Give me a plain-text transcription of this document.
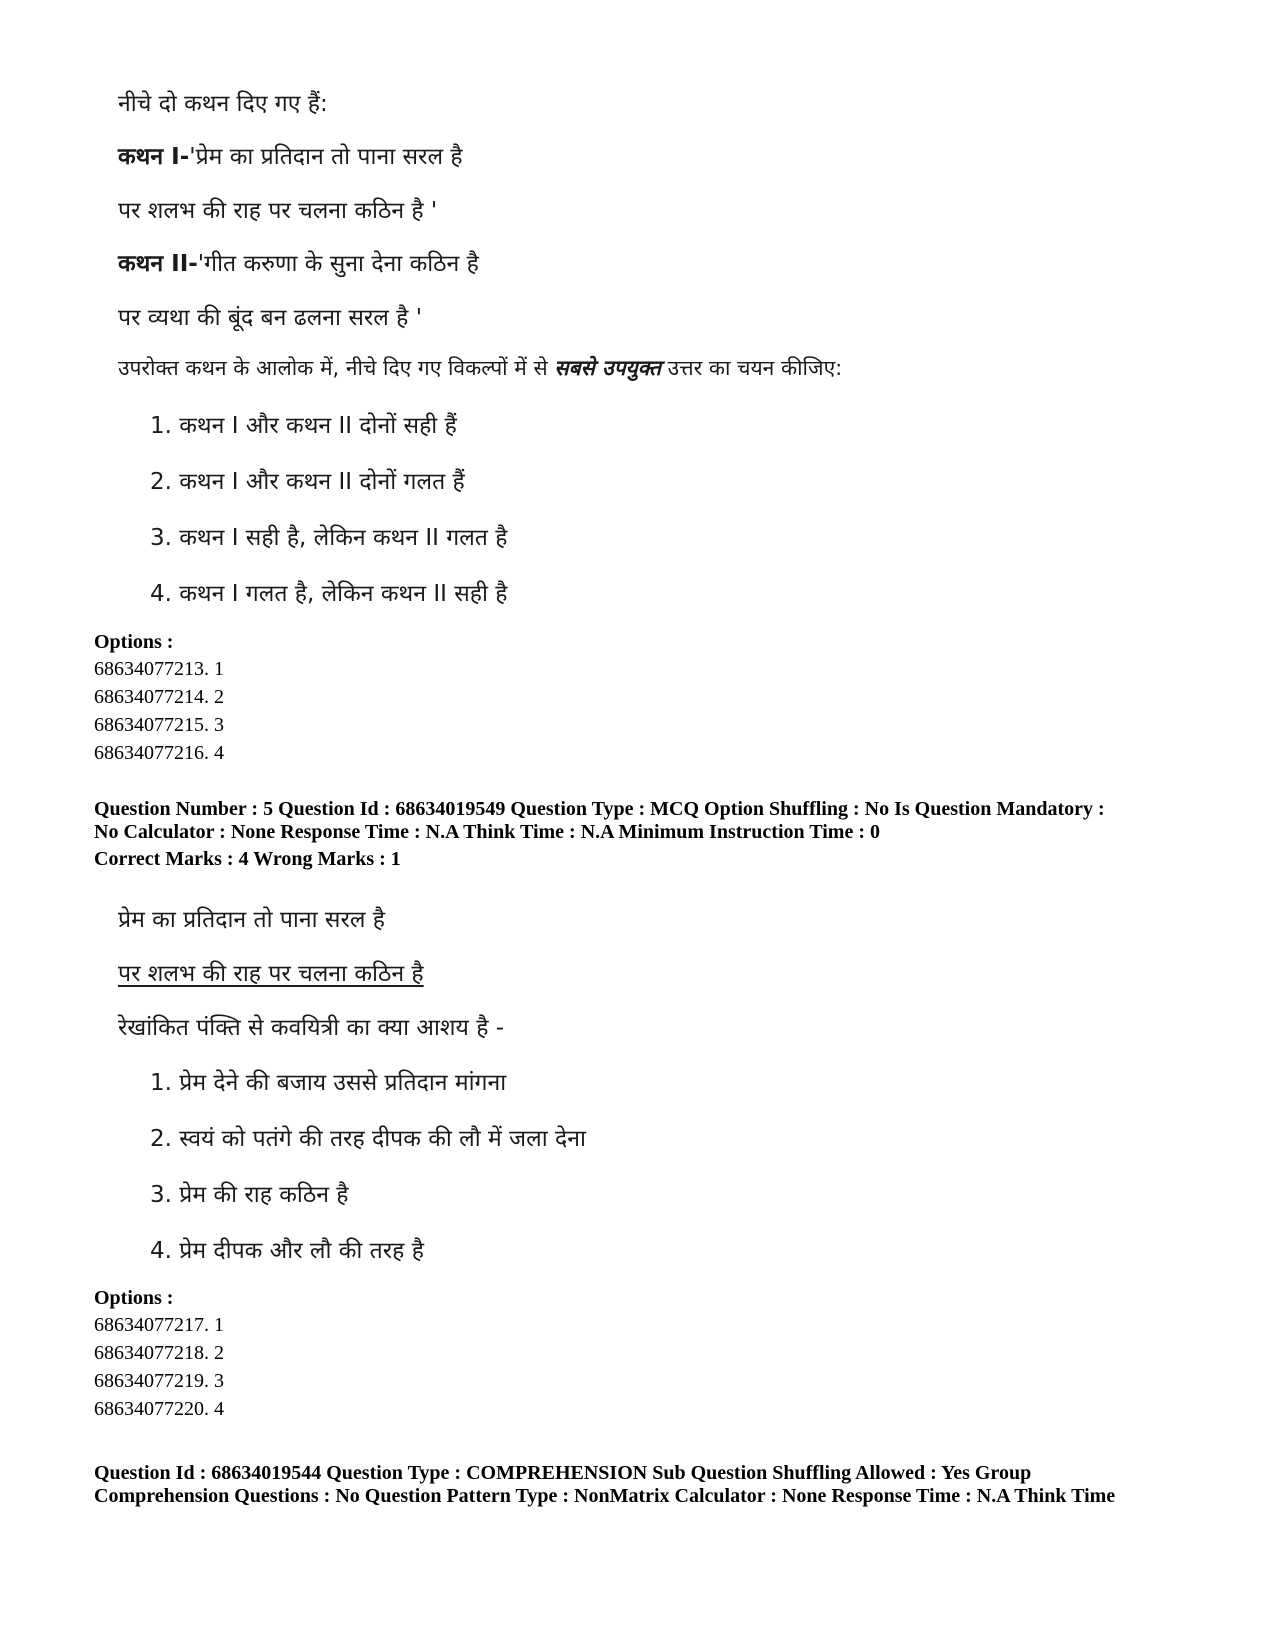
नीचे दो कथन दिए गए हैं:
कथन I-'प्रेम का प्रतिदान तो पाना सरल है
पर शलभ की राह पर चलना कठिन है '
कथन II-'गीत करुणा के सुना देना कठिन है
पर व्यथा की बूंद बन ढलना सरल है '
उपरोक्त कथन के आलोक में, नीचे दिए गए विकल्पों में से सबसे उपयुक्त उत्तर का चयन कीजिए:
1. कथन I और कथन II दोनों सही हैं
2. कथन I और कथन II दोनों गलत हैं
3. कथन I सही है, लेकिन कथन II गलत है
4. कथन I गलत है, लेकिन कथन II सही है
Options :
68634077213. 1
68634077214. 2
68634077215. 3
68634077216. 4
Question Number : 5 Question Id : 68634019549 Question Type : MCQ Option Shuffling : No Is Question Mandatory :
No Calculator : None Response Time : N.A Think Time : N.A Minimum Instruction Time : 0
Correct Marks : 4 Wrong Marks : 1
प्रेम का प्रतिदान तो पाना सरल है
पर शलभ की राह पर चलना कठिन है
रेखांकित पंक्ति से कवयित्री का क्या आशय है -
1. प्रेम देने की बजाय उससे प्रतिदान मांगना
2. स्वयं को पतंगे की तरह दीपक की लौ में जला देना
3. प्रेम की राह कठिन है
4. प्रेम दीपक और लौ की तरह है
Options :
68634077217. 1
68634077218. 2
68634077219. 3
68634077220. 4
Question Id : 68634019544 Question Type : COMPREHENSION Sub Question Shuffling Allowed : Yes Group
Comprehension Questions : No Question Pattern Type : NonMatrix Calculator : None Response Time : N.A Think Time
